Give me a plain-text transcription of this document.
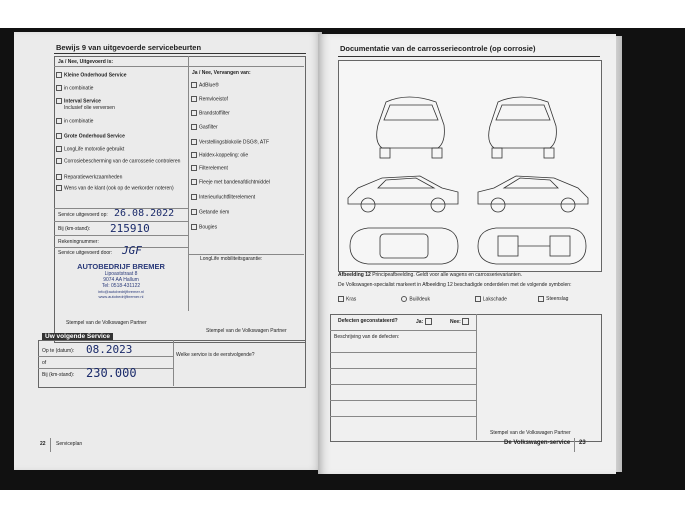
Bewijs 9 van uitgevoerde servicebeurten
Ja / Nee, Uitgevoerd is:
Ja / Nee, Vervangen van:
Kleine Onderhoud Service
in combinatie
Interval Service
Inclusief olie verversen
in combinatie
Grote Onderhoud Service
LongLife motorolie gebruikt
Corrosiebescherming van de carrosserie controleren
Reparatiewerkzaamheden
Wens van de klant (ook op de werkorder noteren)
AdBlue®
Remvloeistof
Brandstoffilter
Gasfilter
Verstellingsblokolie DSG®, ATF
Haldex-koppeling: olie
Filterelement
Fleeje met bandenafdichtmiddel
Interieurluchtfilterelement
Getande riem
Bougies
Service uitgevoerd op: 26.08.2022
Bij (km-stand): 215910
Rekeningnummer:
Service uitgevoerd door: JGF
LongLife mobiliteitsgarantie:
AUTOBEDRIJF BREMER
Lipoaststraat 8
9074 AA Hallum
Tel: 0518-431122
info@autobedrijfbremer.nl
www.autobedrijfbremer.nl
Stempel van de Volkswagen Partner
Stempel van de Volkswagen Partner
Uw volgende Service
Op te (datum): 08.2023
of
Bij (km-stand): 230.000
Welke service is de eerstvolgende?
22 Serviceplan
Documentatie van de carrosseriecontrole (op corrosie)
Afbeelding 12 Principeafbeelding. Geldt voor alle wagens en carrosserievarianten.
De Volkswagen-specialist markeert in Afbeelding 12 beschadigde onderdelen met de volgende symbolen:
Kras	Buil/deuk	Lakschade	Steenslag
Defecten geconstateerd?	Ja:	Nee:
Beschrijving van de defecten:
Stempel van de Volkswagen Partner
De Volkswagen-service 23
